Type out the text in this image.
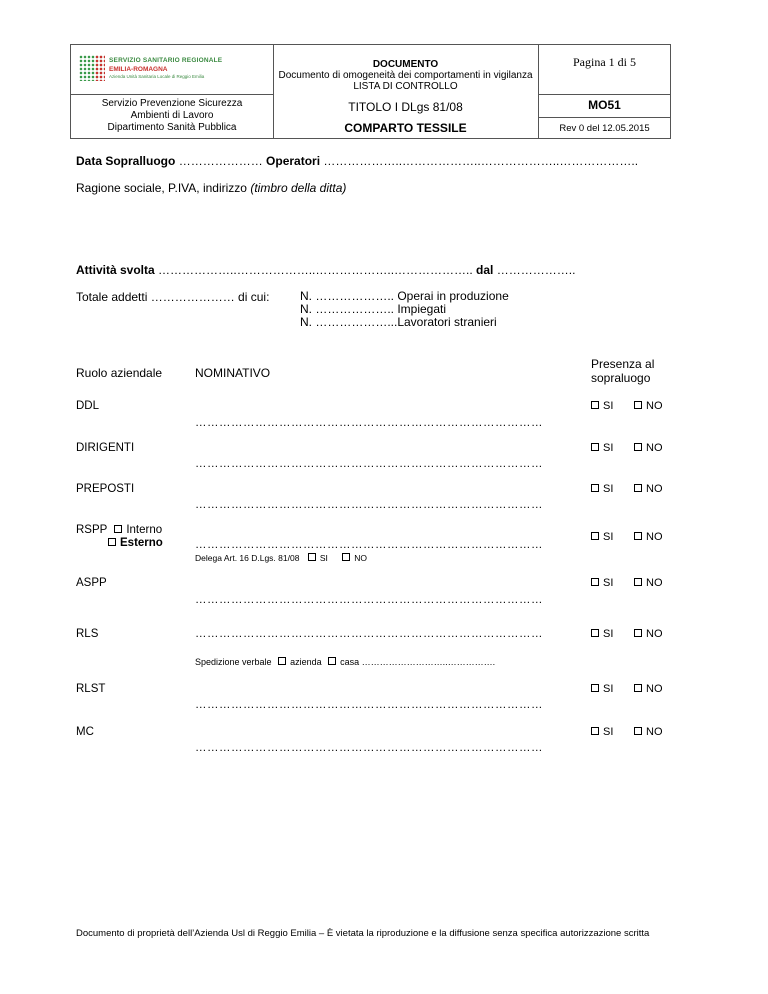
SERVIZIO SANITARIO REGIONALE
EMILIA-ROMAGNA
Azienda Unità Sanitaria Locale di Reggio Emilia
Servizio Prevenzione Sicurezza
Ambienti di Lavoro
Dipartimento Sanità Pubblica
DOCUMENTO
Documento di omogeneità dei comportamenti in vigilanza
LISTA DI CONTROLLO
TITOLO I DLgs 81/08
COMPARTO TESSILE
Pagina 1 di 5
MO51
Rev 0 del 12.05.2015
Data Sopralluogo ………………… Operatori ………………..………………..………………..………………..
Ragione sociale, P.IVA, indirizzo (timbro della ditta)
Attività svolta ………………..………………..………………..……………….. dal ………………..
Totale addetti ………………… di cui:	N. ……………….. Operai in produzione
N. ……………….. Impiegati
N. ………………...Lavoratori stranieri
Ruolo aziendale	NOMINATIVO
Presenza al
sopraluogo
DDL
……………………………………………………………………………
SI	NO
DIRIGENTI
……………………………………………………………………………
SI	NO
PREPOSTI
……………………………………………………………………………
SI	NO
RSPP Interno
Esterno	……………………………………………………………………………
Delega Art. 16 D.Lgs. 81/08 SI	NO
SI	NO
ASPP
……………………………………………………………………………
SI	NO
RLS	……………………………………………………………………………	SI	NO
Spedizione verbale azienda casa ………………………..…………….
RLST
……………………………………………………………………………
SI	NO
MC
……………………………………………………………………………
SI	NO
Documento di proprietà dell’Azienda Usl di Reggio Emilia – È vietata la riproduzione e la diffusione senza specifica autorizzazione scritta
